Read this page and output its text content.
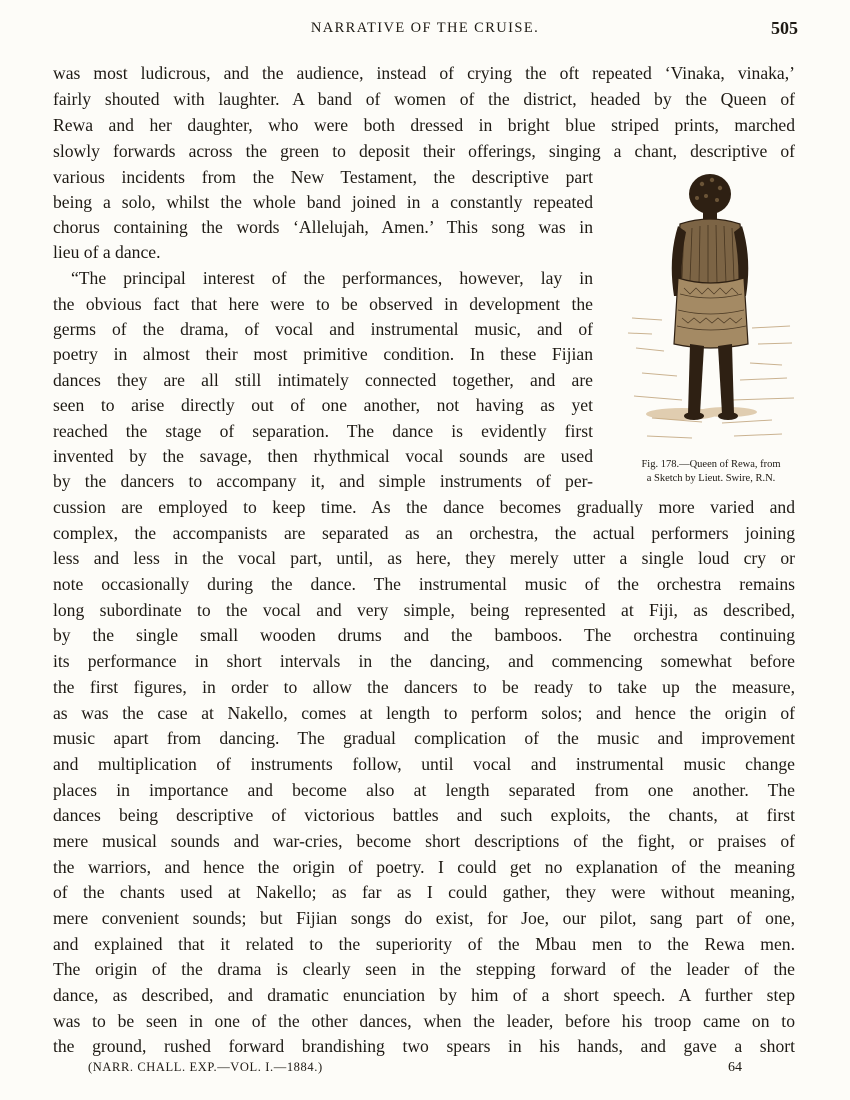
NARRATIVE OF THE CRUISE.	505

was most ludicrous, and the audience, instead of crying the oft repeated ‘Vinaka, vinaka,’

fairly shouted with laughter. A band of women of the district, headed by the Queen of

Rewa and her daughter, who were both dressed in bright blue striped prints, marched

slowly forwards across the green to deposit their offerings, singing a chant, descriptive of

various incidents from the New Testament, the descriptive part

being a solo, whilst the whole band joined in a constantly repeated

chorus containing the words ‘Allelujah, Amen.’ This song was in

lieu of a dance.

“The principal interest of the performances, however, lay in

the obvious fact that here were to be observed in development the

germs of the drama, of vocal and instrumental music, and of

poetry in almost their most primitive condition. In these Fijian

dances they are all still intimately connected together, and are

seen to arise directly out of one another, not having as yet

reached the stage of separation. The dance is evidently first

invented by the savage, then rhythmical vocal sounds are used

by the dancers to accompany it, and simple instruments of per-

cussion are employed to keep time. As the dance becomes gradually more varied and

complex, the accompanists are separated as an orchestra, the actual performers joining

less and less in the vocal part, until, as here, they merely utter a single loud cry or

note occasionally during the dance. The instrumental music of the orchestra remains

long subordinate to the vocal and very simple, being represented at Fiji, as described,

by the single small wooden drums and the bamboos. The orchestra continuing

its performance in short intervals in the dancing, and commencing somewhat before

the first figures, in order to allow the dancers to be ready to take up the measure,

as was the case at Nakello, comes at length to perform solos; and hence the origin of

music apart from dancing. The gradual complication of the music and improvement

and multiplication of instruments follow, until vocal and instrumental music change

places in importance and become also at length separated from one another. The

dances being descriptive of victorious battles and such exploits, the chants, at first

mere musical sounds and war-cries, become short descriptions of the fight, or praises of

the warriors, and hence the origin of poetry. I could get no explanation of the meaning

of the chants used at Nakello; as far as I could gather, they were without meaning,

mere convenient sounds; but Fijian songs do exist, for Joe, our pilot, sang part of one,

and explained that it related to the superiority of the Mbau men to the Rewa men.

The origin of the drama is clearly seen in the stepping forward of the leader of the

dance, as described, and dramatic enunciation by him of a short speech. A further step

was to be seen in one of the other dances, when the leader, before his troop came on to

the ground, rushed forward brandishing two spears in his hands, and gave a short

Fig. 178.—Queen of Rewa, from
a Sketch by Lieut. Swire, R.N.
(NARR. CHALL. EXP.—VOL. I.—1884.)	64
